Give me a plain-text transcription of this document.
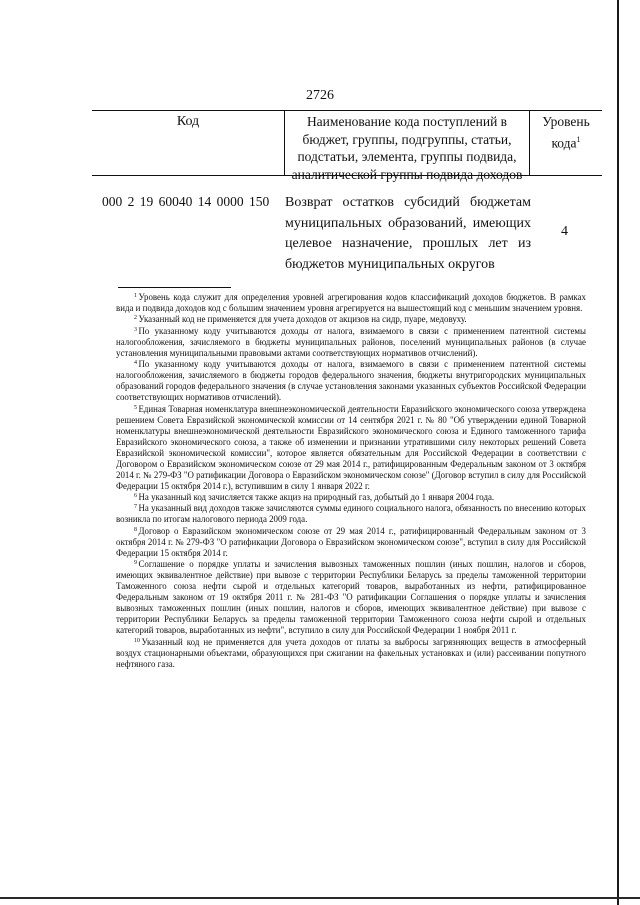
2726
Код	Наименование кода поступлений в бюджет, группы, подгруппы, статьи, подстатьи, элемента, группы подвида, аналитической группы подвида доходов
Уровень кода$^1$
000 2 19 60040 14 0000 150 Возврат остатков субсидий бюджетам муниципальных образований, имеющих целевое назначение, прошлых лет из бюджетов муниципальных округов
4

$^1$ Уровень кода служит для определения уровней агрегирования кодов классификаций доходов бюджетов. В рамках вида и подвида доходов код с большим значением уровня агрегируется на вышестоящий код с меньшим значением уровня.

$^2$ Указанный код не применяется для учета доходов от акцизов на сидр, пуаре, медовуху.

$^3$ По указанному коду учитываются доходы от налога, взимаемого в связи с применением патентной системы налогообложения, зачисляемого в бюджеты муниципальных районов, поселений муниципальных районов (в случае установления муниципальными правовыми актами соответствующих нормативов отчислений).

$^4$ По указанному коду учитываются доходы от налога, взимаемого в связи с применением патентной системы налогообложения, зачисляемого в бюджеты городов федерального значения, бюджеты внутригородских муниципальных образований городов федерального значения (в случае установления законами указанных субъектов Российской Федерации соответствующих нормативов отчислений).

$^5$ Единая Товарная номенклатура внешнеэкономической деятельности Евразийского экономического союза утверждена решением Совета Евразийской экономической комиссии от 14 сентября 2021 г. № 80 "Об утверждении единой Товарной номенклатуры внешнеэкономической деятельности Евразийского экономического союза и Единого таможенного тарифа Евразийского экономического союза, а также об изменении и признании утратившими силу некоторых решений Совета Евразийской экономической комиссии", которое является обязательным для Российской Федерации в соответствии с Договором о Евразийском экономическом союзе от 29 мая 2014 г., ратифицированным Федеральным законом от 3 октября 2014 г. № 279-ФЗ "О ратификации Договора о Евразийском экономическом союзе" (Договор вступил в силу для Российской Федерации 15 октября 2014 г.), вступившим в силу 1 января 2022 г.

$^6$ На указанный код зачисляется также акциз на природный газ, добытый до 1 января 2004 года.

$^7$ На указанный вид доходов также зачисляются суммы единого социального налога, обязанность по внесению которых возникла по итогам налогового периода 2009 года.

$^8$ Договор о Евразийском экономическом союзе от 29 мая 2014 г., ратифицированный Федеральным законом от 3 октября 2014 г. № 279-ФЗ "О ратификации Договора о Евразийском экономическом союзе", вступил в силу для Российской Федерации 15 октября 2014 г.

$^9$ Соглашение о порядке уплаты и зачисления вывозных таможенных пошлин (иных пошлин, налогов и сборов, имеющих эквивалентное действие) при вывозе с территории Республики Беларусь за пределы таможенной территории Таможенного союза нефти сырой и отдельных категорий товаров, выработанных из нефти, ратифицированное Федеральным законом от 19 октября 2011 г. № 281-ФЗ "О ратификации Соглашения о порядке уплаты и зачисления вывозных таможенных пошлин (иных пошлин, налогов и сборов, имеющих эквивалентное действие) при вывозе с территории Республики Беларусь за пределы таможенной территории Таможенного союза нефти сырой и отдельных категорий товаров, выработанных из нефти", вступило в силу для Российской Федерации 1 ноября 2011 г.

$^{10}$ Указанный код не применяется для учета доходов от платы за выбросы загрязняющих веществ в атмосферный воздух стационарными объектами, образующихся при сжигании на факельных установках и (или) рассеивании попутного нефтяного газа.
